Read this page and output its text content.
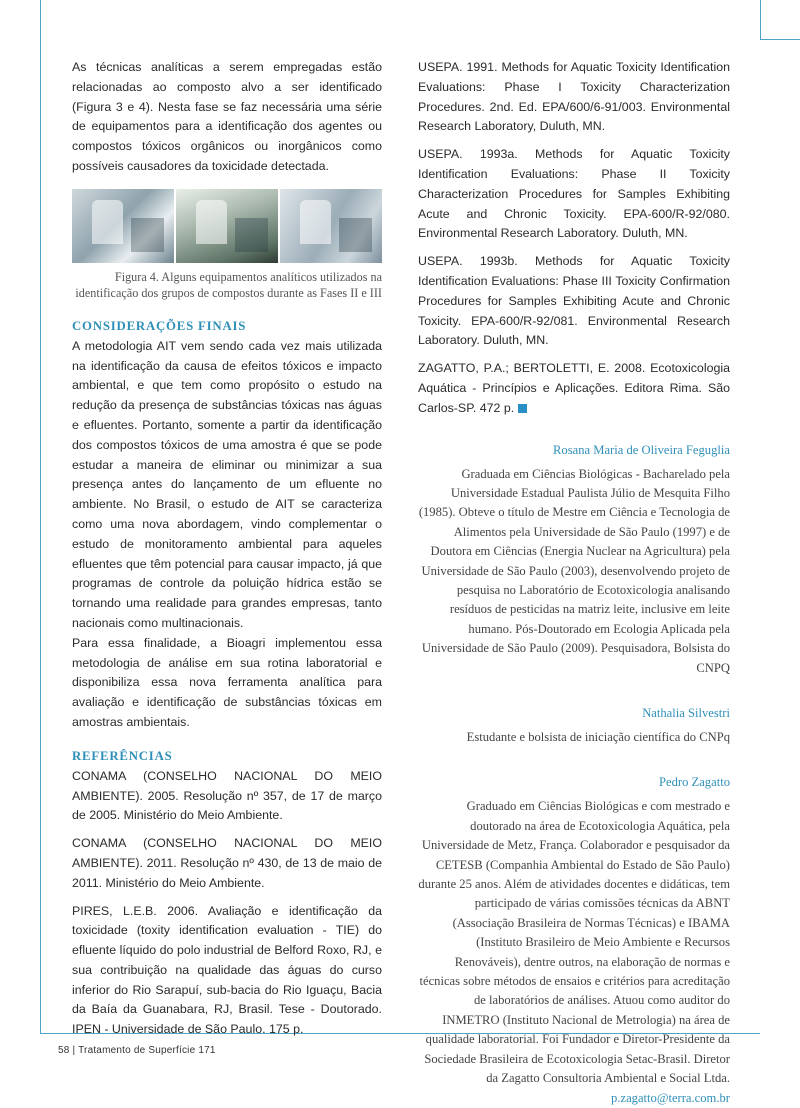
As técnicas analíticas a serem empregadas estão relacionadas ao composto alvo a ser identificado (Figura 3 e 4). Nesta fase se faz necessária uma série de equipamentos para a identificação dos agentes ou compostos tóxicos orgânicos ou inorgânicos como possíveis causadores da toxicidade detectada.

Figura 4. Alguns equipamentos analíticos utilizados na identificação dos grupos de compostos durante as Fases II e III

CONSIDERAÇÕES FINAIS

A metodologia AIT vem sendo cada vez mais utilizada na identificação da causa de efeitos tóxicos e impacto ambiental, e que tem como propósito o estudo na redução da presença de substâncias tóxicas nas águas e efluentes. Portanto, somente a partir da identificação dos compostos tóxicos de uma amostra é que se pode estudar a maneira de eliminar ou minimizar a sua presença antes do lançamento de um efluente no ambiente. No Brasil, o estudo de AIT se caracteriza como uma nova abordagem, vindo complementar o estudo de monitoramento ambiental para aqueles efluentes que têm potencial para causar impacto, já que programas de controle da poluição hídrica estão se tornando uma realidade para grandes empresas, tanto nacionais como multinacionais.

Para essa finalidade, a Bioagri implementou essa metodologia de análise em sua rotina laboratorial e disponibiliza essa nova ferramenta analítica para avaliação e identificação de substâncias tóxicas em amostras ambientais.

REFERÊNCIAS

CONAMA (CONSELHO NACIONAL DO MEIO AMBIENTE). 2005. Resolução nº 357, de 17 de março de 2005. Ministério do Meio Ambiente.

CONAMA (CONSELHO NACIONAL DO MEIO AMBIENTE). 2011. Resolução nº 430, de 13 de maio de 2011. Ministério do Meio Ambiente.

PIRES, L.E.B. 2006. Avaliação e identificação da toxicidade (toxity identification evaluation - TIE) do efluente líquido do polo industrial de Belford Roxo, RJ, e sua contribuição na qualidade das águas do curso inferior do Rio Sarapuí, sub-bacia do Rio Iguaçu, Bacia da Baía da Guanabara, RJ, Brasil. Tese - Doutorado. IPEN - Universidade de São Paulo. 175 p.

USEPA. 1991. Methods for Aquatic Toxicity Identification Evaluations: Phase I Toxicity Characterization Procedures. 2nd. Ed. EPA/600/6-91/003. Environmental Research Laboratory, Duluth, MN.

USEPA. 1993a. Methods for Aquatic Toxicity Identification Evaluations: Phase II Toxicity Characterization Procedures for Samples Exhibiting Acute and Chronic Toxicity. EPA-600/R-92/080. Environmental Research Laboratory. Duluth, MN.

USEPA. 1993b. Methods for Aquatic Toxicity Identification Evaluations: Phase III Toxicity Confirmation Procedures for Samples Exhibiting Acute and Chronic Toxicity. EPA-600/R-92/081. Environmental Research Laboratory. Duluth, MN.

ZAGATTO, P.A.; BERTOLETTI, E. 2008. Ecotoxicologia Aquática - Princípios e Aplicações. Editora Rima. São Carlos-SP. 472 p.

Rosana Maria de Oliveira Feguglia

Graduada em Ciências Biológicas - Bacharelado pela Universidade Estadual Paulista Júlio de Mesquita Filho (1985). Obteve o título de Mestre em Ciência e Tecnologia de Alimentos pela Universidade de São Paulo (1997) e de Doutora em Ciências (Energia Nuclear na Agricultura) pela Universidade de São Paulo (2003), desenvolvendo projeto de pesquisa no Laboratório de Ecotoxicologia analisando resíduos de pesticidas na matriz leite, inclusive em leite humano. Pós-Doutorado em Ecologia Aplicada pela Universidade de São Paulo (2009). Pesquisadora, Bolsista do CNPQ

Nathalia Silvestri

Estudante e bolsista de iniciação científica do CNPq

Pedro Zagatto

Graduado em Ciências Biológicas e com mestrado e doutorado na área de Ecotoxicologia Aquática, pela Universidade de Metz, França. Colaborador e pesquisador da CETESB (Companhia Ambiental do Estado de São Paulo) durante 25 anos. Além de atividades docentes e didáticas, tem participado de várias comissões técnicas da ABNT (Associação Brasileira de Normas Técnicas) e IBAMA (Instituto Brasileiro de Meio Ambiente e Recursos Renováveis), dentre outros, na elaboração de normas e técnicas sobre métodos de ensaios e critérios para acreditação de laboratórios de análises. Atuou como auditor do INMETRO (Instituto Nacional de Metrologia) na área de qualidade laboratorial. Foi Fundador e Diretor-Presidente da Sociedade Brasileira de Ecotoxicologia Setac-Brasil. Diretor da Zagatto Consultoria Ambiental e Social Ltda.

p.zagatto@terra.com.br

58 | Tratamento de Superfície 171
